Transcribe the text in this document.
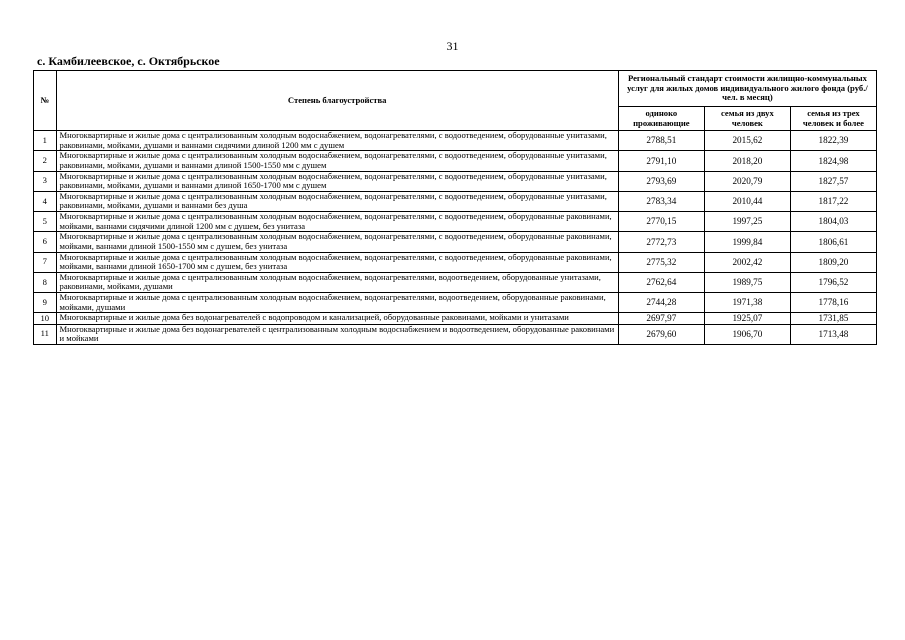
31
с. Камбилеевское, с. Октябрьское
№	Степень благоустройства	Региональный стандарт стоимости жилищно-коммунальных услуг для жилых домов индивидуального жилого фонда (руб./чел. в месяц)		
		одиноко проживающие	семья из двух человек	семья из трех человек и более
1	Многоквартирные и жилые дома с централизованным холодным водоснабжением, водонагревателями, с водоотведением, оборудованные унитазами, раковинами, мойками, душами и ваннами сидячими длиной 1200 мм с душем	2788,51	2015,62	1822,39
2	Многоквартирные и жилые дома с централизованным холодным водоснабжением, водонагревателями, с водоотведением, оборудованные унитазами, раковинами, мойками, душами и ваннами длиной 1500-1550 мм с душем	2791,10	2018,20	1824,98
3	Многоквартирные и жилые дома с централизованным холодным водоснабжением, водонагревателями, с водоотведением, оборудованные унитазами, раковинами, мойками, душами и ваннами длиной 1650-1700 мм с душем	2793,69	2020,79	1827,57
4	Многоквартирные и жилые дома с централизованным холодным водоснабжением, водонагревателями, с водоотведением, оборудованные унитазами, раковинами, мойками, душами и ваннами без душа	2783,34	2010,44	1817,22
5	Многоквартирные и жилые дома с централизованным холодным водоснабжением, водонагревателями, с водоотведением, оборудованные раковинами, мойками, ваннами сидячими длиной 1200 мм с душем, без унитаза	2770,15	1997,25	1804,03
6	Многоквартирные и жилые дома с централизованным холодным водоснабжением, водонагревателями, с водоотведением, оборудованные раковинами, мойками, ваннами длиной 1500-1550 мм с душем, без унитаза	2772,73	1999,84	1806,61
7	Многоквартирные и жилые дома с централизованным холодным водоснабжением, водонагревателями, с водоотведением, оборудованные раковинами, мойками, ваннами длиной 1650-1700 мм с душем, без унитаза	2775,32	2002,42	1809,20
8	Многоквартирные и жилые дома с централизованным холодным водоснабжением, водонагревателями, водоотведением, оборудованные унитазами, раковинами, мойками, душами	2762,64	1989,75	1796,52
9	Многоквартирные и жилые дома с централизованным холодным водоснабжением, водонагревателями, водоотведением, оборудованные раковинами, мойками, душами	2744,28	1971,38	1778,16
10	Многоквартирные и жилые дома без водонагревателей с водопроводом и канализацией, оборудованные раковинами, мойками и унитазами	2697,97	1925,07	1731,85
11	Многоквартирные и жилые дома без водонагревателей с централизованным холодным водоснабжением и водоотведением, оборудованные раковинами и мойками	2679,60	1906,70	1713,48
